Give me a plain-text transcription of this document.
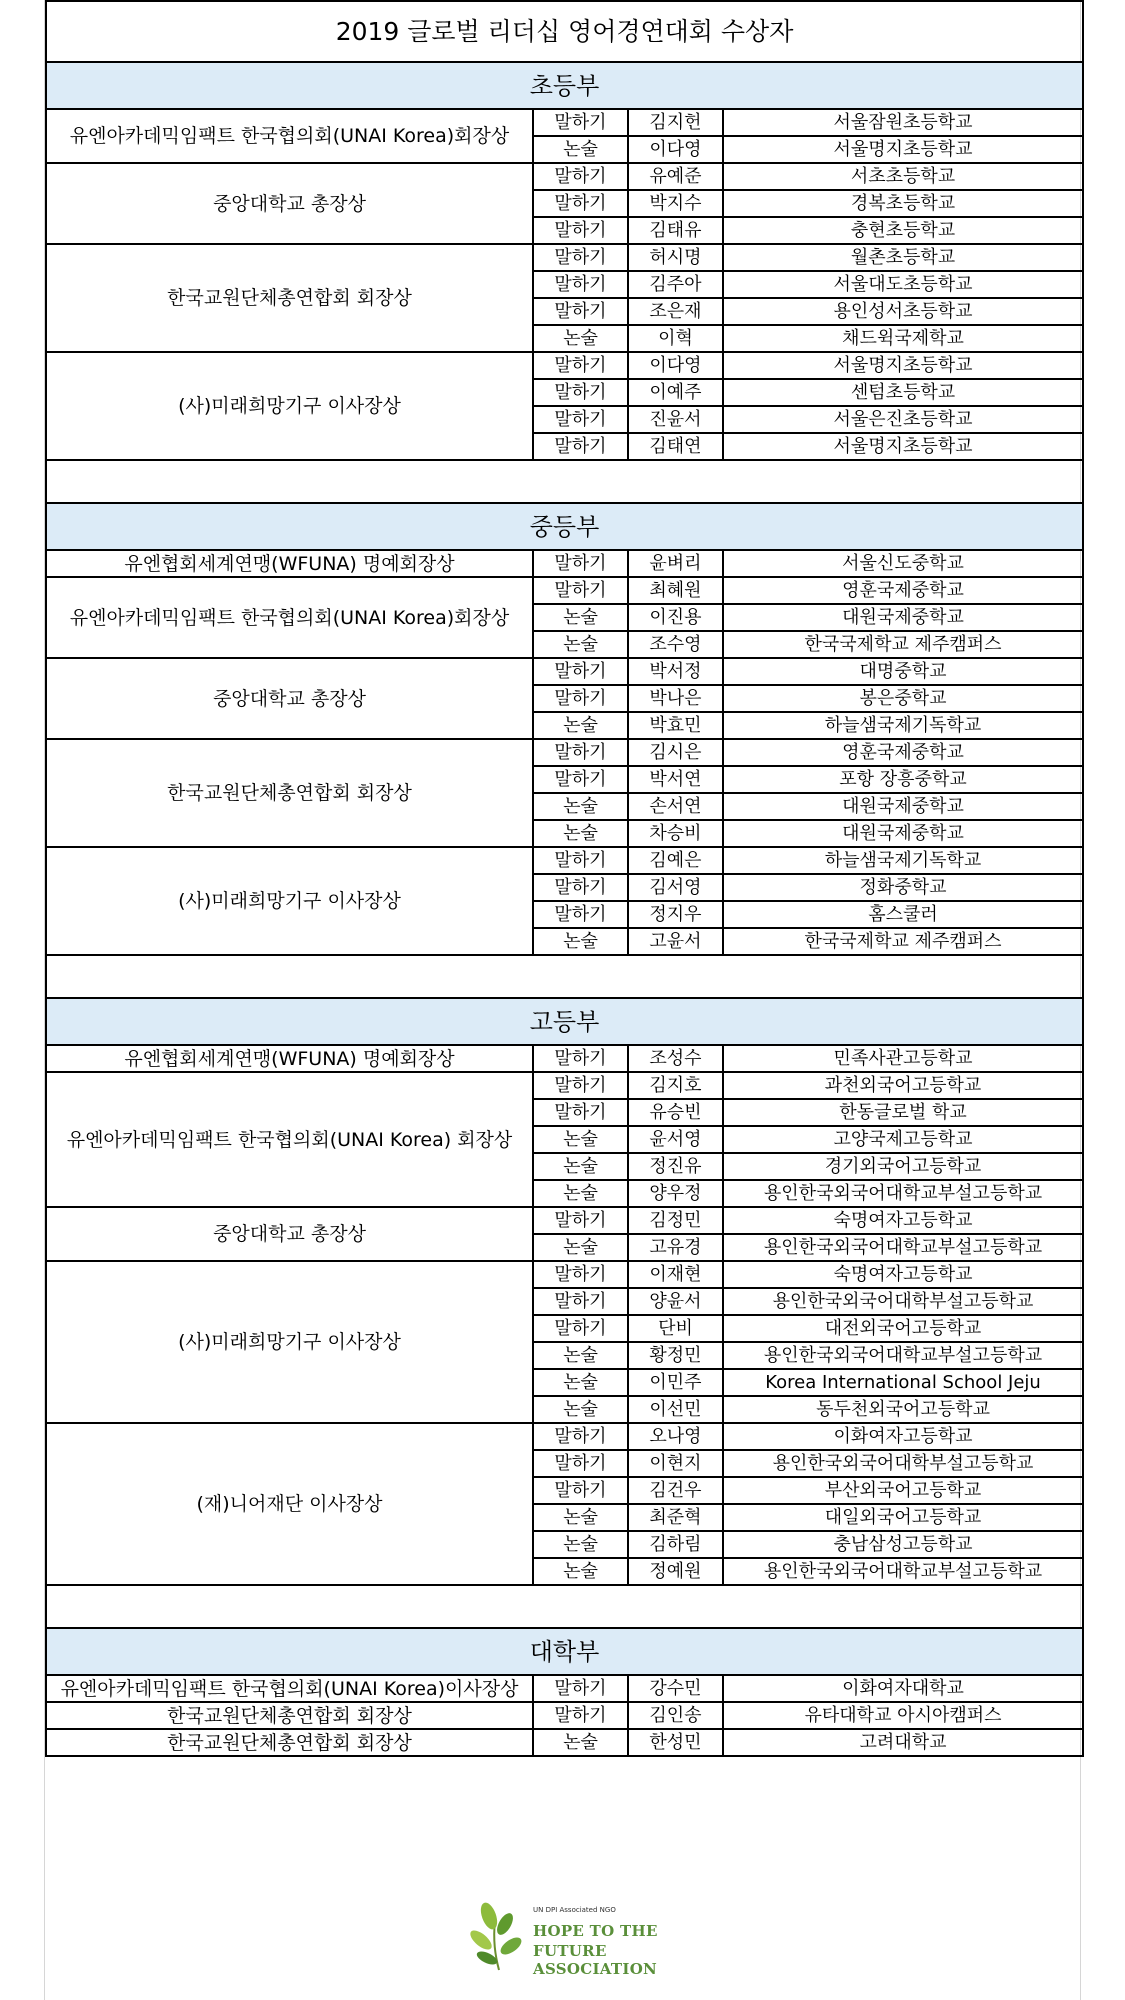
2019 글로벌 리더십 영어경연대회 수상자			
초등부			
유엔아카데믹임팩트 한국협의회(UNAI Korea)회장상	말하기	김지헌	서울잠원초등학교
	논술	이다영	서울명지초등학교
중앙대학교 총장상	말하기	유예준	서초초등학교
	말하기	박지수	경복초등학교
	말하기	김태유	충현초등학교
한국교원단체총연합회 회장상	말하기	허시명	월촌초등학교
	말하기	김주아	서울대도초등학교
	말하기	조은재	용인성서초등학교
	논술	이혁	채드윅국제학교
(사)미래희망기구 이사장상	말하기	이다영	서울명지초등학교
	말하기	이예주	센텀초등학교
	말하기	진윤서	서울은진초등학교
	말하기	김태연	서울명지초등학교

중등부			
유엔협회세계연맹(WFUNA) 명예회장상	말하기	윤벼리	서울신도중학교
유엔아카데믹임팩트 한국협의회(UNAI Korea)회장상	말하기	최혜원	영훈국제중학교
	논술	이진용	대원국제중학교
	논술	조수영	한국국제학교 제주캠퍼스
중앙대학교 총장상	말하기	박서정	대명중학교
	말하기	박나은	봉은중학교
	논술	박효민	하늘샘국제기독학교
한국교원단체총연합회 회장상	말하기	김시은	영훈국제중학교
	말하기	박서연	포항 장흥중학교
	논술	손서연	대원국제중학교
	논술	차승비	대원국제중학교
(사)미래희망기구 이사장상	말하기	김예은	하늘샘국제기독학교
	말하기	김서영	정화중학교
	말하기	정지우	홈스쿨러
	논술	고윤서	한국국제학교 제주캠퍼스

고등부			
유엔협회세계연맹(WFUNA) 명예회장상	말하기	조성수	민족사관고등학교
유엔아카데믹임팩트 한국협의회(UNAI Korea) 회장상	말하기	김지호	과천외국어고등학교
	말하기	유승빈	한동글로벌 학교
	논술	윤서영	고양국제고등학교
	논술	정진유	경기외국어고등학교
	논술	양우정	용인한국외국어대학교부설고등학교
중앙대학교 총장상	말하기	김정민	숙명여자고등학교
	논술	고유경	용인한국외국어대학교부설고등학교
(사)미래희망기구 이사장상	말하기	이재현	숙명여자고등학교
	말하기	양윤서	용인한국외국어대학부설고등학교
	말하기	단비	대전외국어고등학교
	논술	황정민	용인한국외국어대학교부설고등학교
	논술	이민주	Korea International School Jeju
	논술	이선민	동두천외국어고등학교
(재)니어재단 이사장상	말하기	오나영	이화여자고등학교
	말하기	이현지	용인한국외국어대학부설고등학교
	말하기	김건우	부산외국어고등학교
	논술	최준혁	대일외국어고등학교
	논술	김하림	충남삼성고등학교
	논술	정예원	용인한국외국어대학교부설고등학교

대학부			
유엔아카데믹임팩트 한국협의회(UNAI Korea)이사장상	말하기	강수민	이화여자대학교
한국교원단체총연합회 회장상	말하기	김인송	유타대학교 아시아캠퍼스
한국교원단체총연합회 회장상	논술	한성민	고려대학교
UN DPI Associated NGO
HOPE TO THE
FUTURE ASSOCIATION
